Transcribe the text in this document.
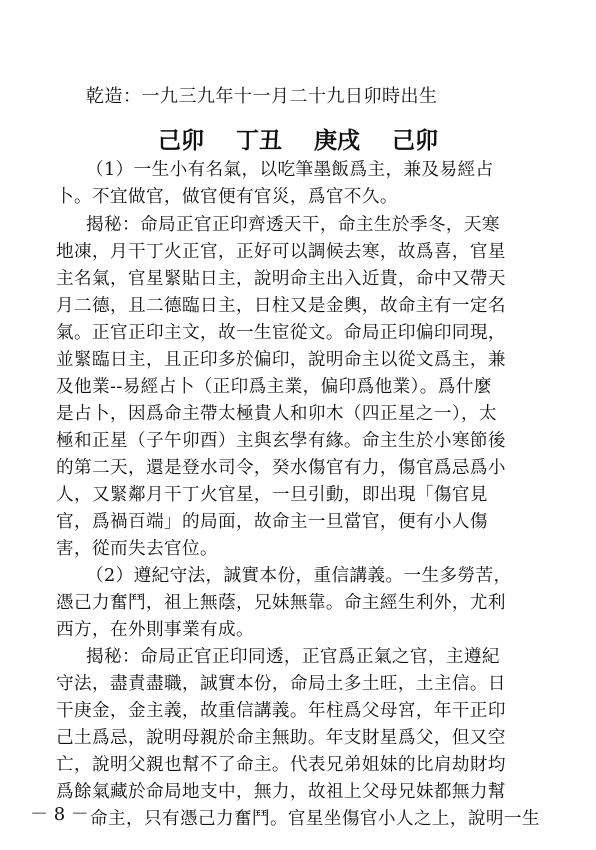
乾造：一九三九年十一月二十九日卯時出生
己卯 丁丑 庚戌 己卯
（1）一生小有名氣，以吃筆墨飯爲主，兼及易經占
卜。不宜做官，做官便有官災，爲官不久。
揭秘：命局正官正印齊透天干，命主生於季冬，天寒
地凍，月干丁火正官，正好可以調候去寒，故爲喜，官星
主名氣，官星緊貼日主，說明命主出入近貴，命中又帶天
月二德，且二德臨日主，日柱又是金輿，故命主有一定名
氣。正官正印主文，故一生宦從文。命局正印偏印同現，
並緊臨日主，且正印多於偏印，說明命主以從文爲主，兼
及他業--易經占卜（正印爲主業，偏印爲他業）。爲什麼
是占卜，因爲命主帶太極貴人和卯木（四正星之一），太
極和正星（子午卯酉）主與玄學有緣。命主生於小寒節後
的第二天，還是登水司令，癸水傷官有力，傷官爲忌爲小
人，又緊鄰月干丁火官星，一旦引動，即出現「傷官見
官，爲禍百端」的局面，故命主一旦當官，便有小人傷
害，從而失去官位。
（2）遵紀守法，誠實本份，重信講義。一生多勞苦，
憑己力奮鬥，祖上無蔭，兄妹無靠。命主經生利外，尤利
西方，在外則事業有成。
揭秘：命局正官正印同透，正官爲正氣之官，主遵紀
守法，盡責盡職，誠實本份，命局土多土旺，土主信。日
干庚金，金主義，故重信講義。年柱爲父母宮，年干正印
己土爲忌，說明母親於命主無助。年支財星爲父，但又空
亡，說明父親也幫不了命主。代表兄弟姐妹的比肩劫財均
爲餘氣藏於命局地支中，無力，故祖上父母兄妹都無力幫
命主，只有憑己力奮鬥。官星坐傷官小人之上，說明一生
－ 8 －
